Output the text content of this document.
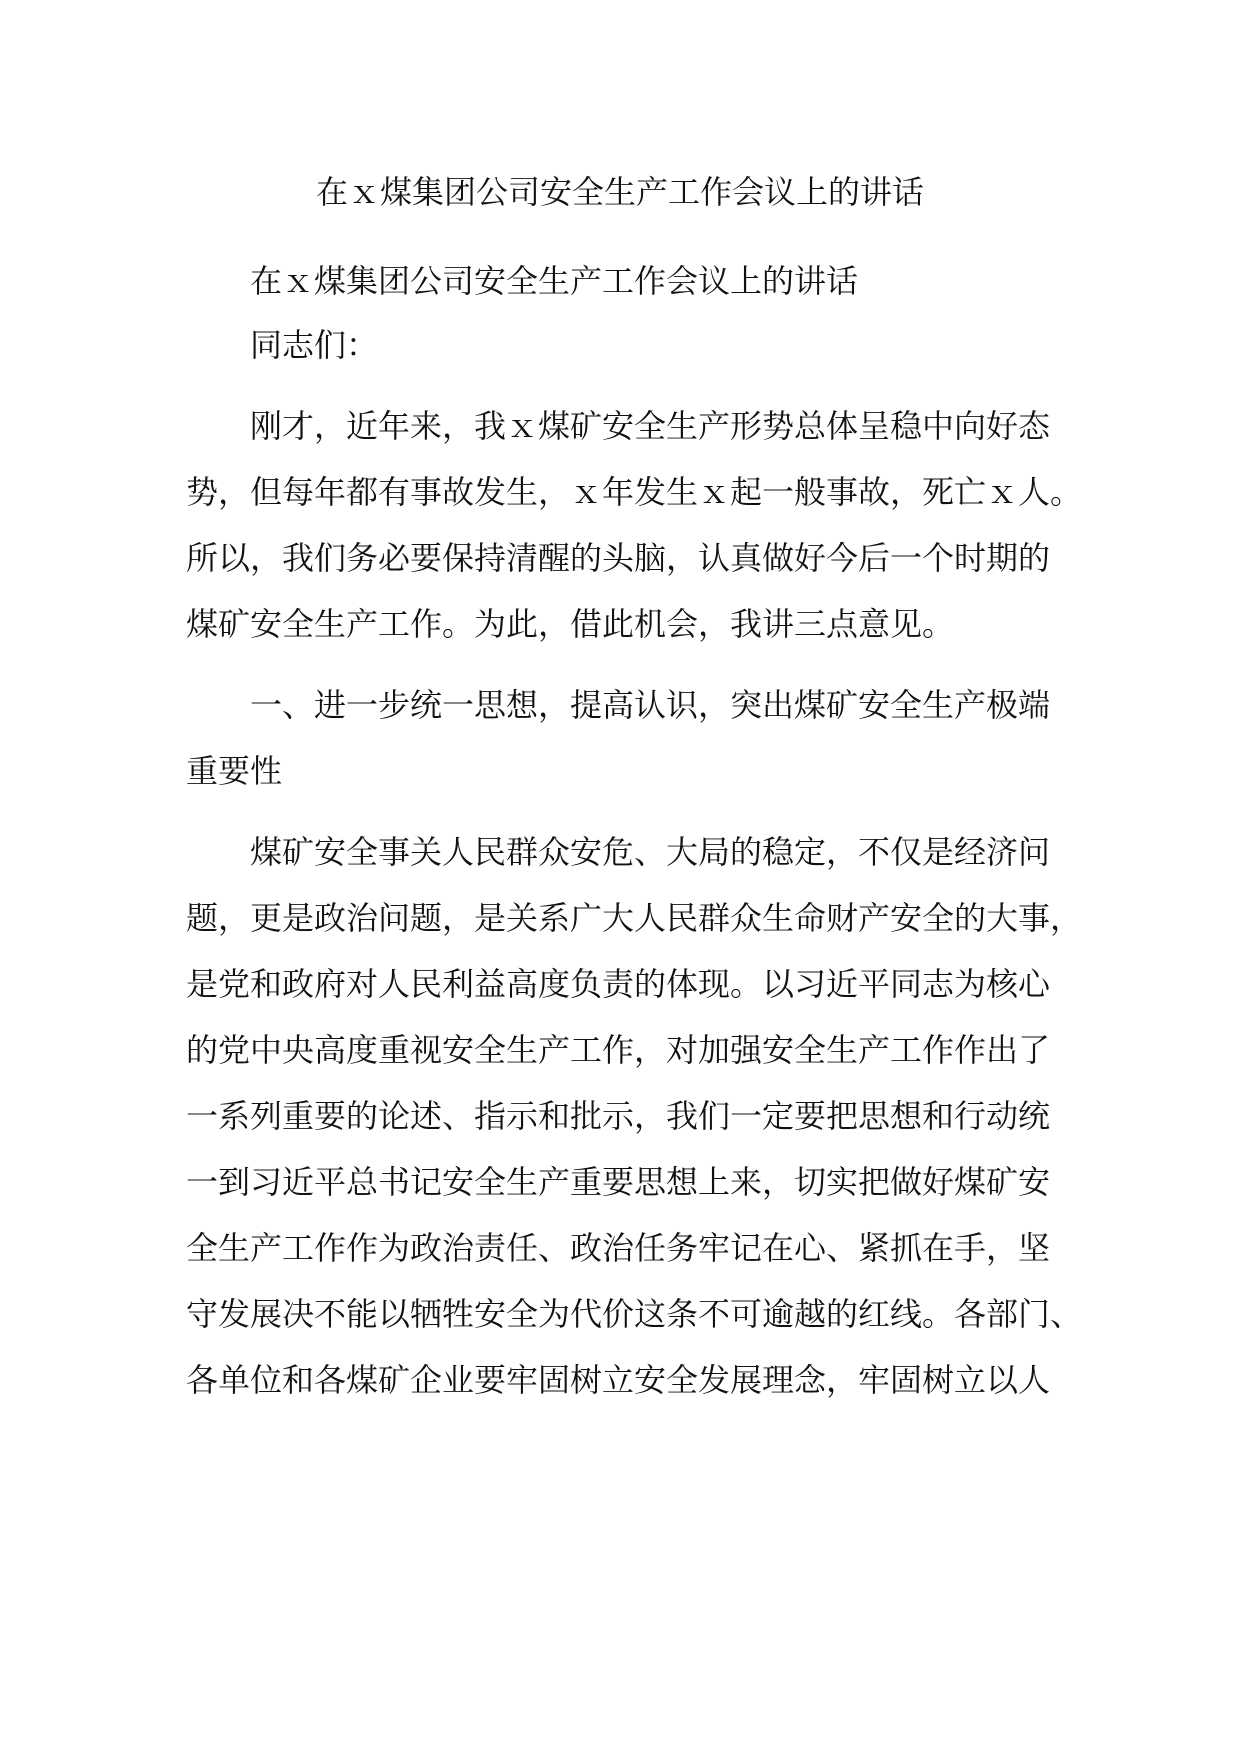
在ｘ煤集团公司安全生产工作会议上的讲话

在ｘ煤集团公司安全生产工作会议上的讲话

同志们：

刚才，近年来，我ｘ煤矿安全生产形势总体呈稳中向好态

势，但每年都有事故发生，ｘ年发生ｘ起一般事故，死亡ｘ人。

所以，我们务必要保持清醒的头脑，认真做好今后一个时期的

煤矿安全生产工作。为此，借此机会，我讲三点意见。

一、进一步统一思想，提高认识，突出煤矿安全生产极端

重要性

煤矿安全事关人民群众安危、大局的稳定，不仅是经济问

题，更是政治问题，是关系广大人民群众生命财产安全的大事，

是党和政府对人民利益高度负责的体现。以习近平同志为核心

的党中央高度重视安全生产工作，对加强安全生产工作作出了

一系列重要的论述、指示和批示，我们一定要把思想和行动统

一到习近平总书记安全生产重要思想上来，切实把做好煤矿安

全生产工作作为政治责任、政治任务牢记在心、紧抓在手，坚

守发展决不能以牺牲安全为代价这条不可逾越的红线。各部门、

各单位和各煤矿企业要牢固树立安全发展理念，牢固树立以人
